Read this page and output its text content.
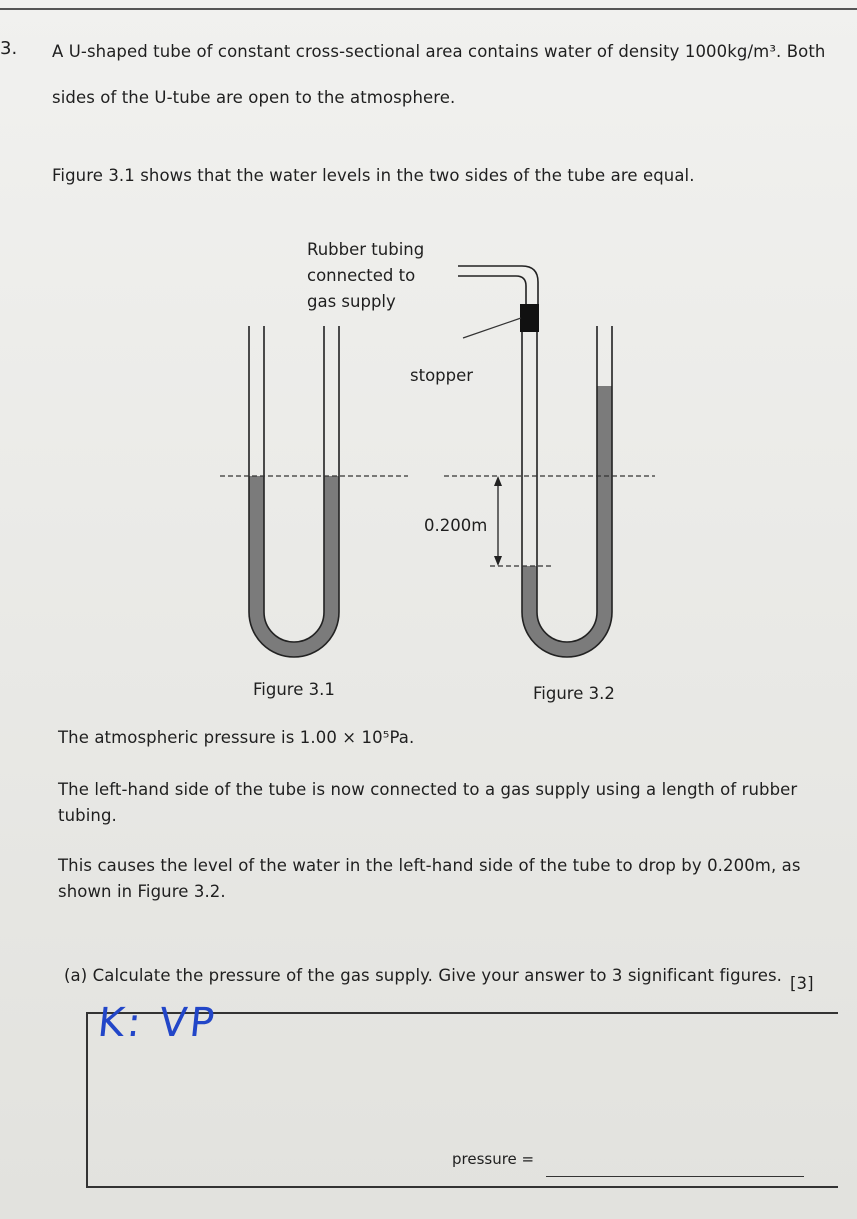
3. A U-shaped tube of constant cross-sectional area contains water of density 1000kg/m³. Both

sides of the U-tube are open to the atmosphere.

Figure 3.1 shows that the water levels in the two sides of the tube are equal.

Rubber tubing
connected to
gas supply
stopper
0.200m
Figure 3.1	Figure 3.2

The atmospheric pressure is 1.00 × 10⁵Pa.

The left-hand side of the tube is now connected to a gas supply using a length of rubber

tubing.

This causes the level of the water in the left-hand side of the tube to drop by 0.200m, as

shown in Figure 3.2.

(a) Calculate the pressure of the gas supply. Give your answer to 3 significant figures. [3]

K: VP
pressure =
